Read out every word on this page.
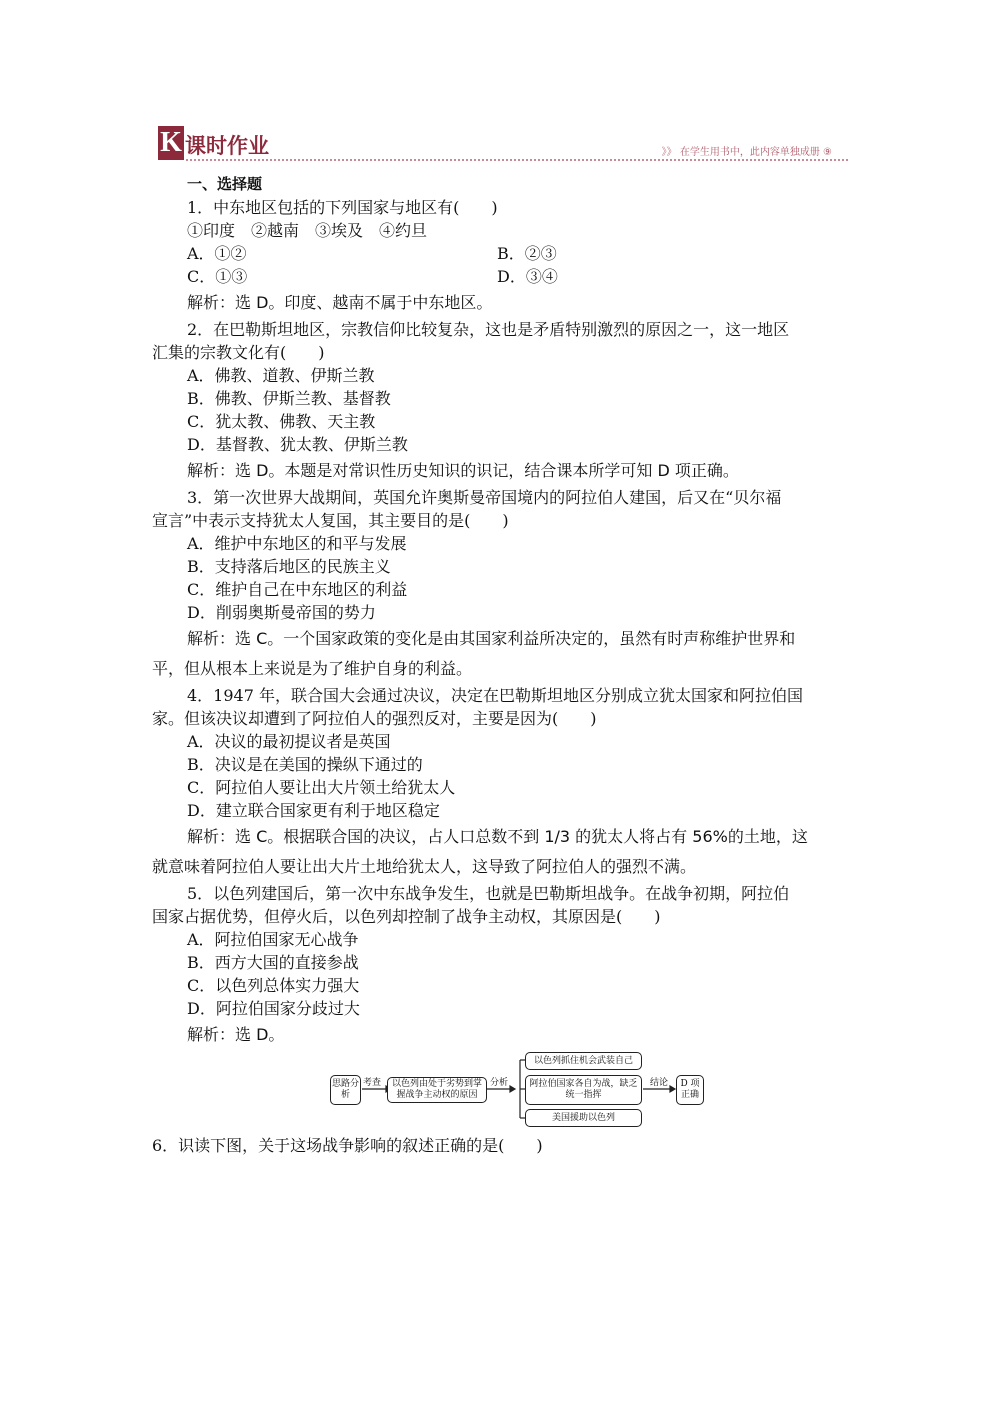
K 课时作业	》》 在学生用书中，此内容单独成册 ⑨
一、选择题
1．中东地区包括的下列国家与地区有(　　)
①印度　②越南　③埃及　④约旦
A．①②	B．②③
C．①③	D．③④
解析：选 D。印度、越南不属于中东地区。
2．在巴勒斯坦地区，宗教信仰比较复杂，这也是矛盾特别激烈的原因之一，这一地区
汇集的宗教文化有(　　)
A．佛教、道教、伊斯兰教
B．佛教、伊斯兰教、基督教
C．犹太教、佛教、天主教
D．基督教、犹太教、伊斯兰教
解析：选 D。本题是对常识性历史知识的识记，结合课本所学可知 D 项正确。
3．第一次世界大战期间，英国允许奥斯曼帝国境内的阿拉伯人建国，后又在“贝尔福
宣言”中表示支持犹太人复国，其主要目的是(　　)
A．维护中东地区的和平与发展
B．支持落后地区的民族主义
C．维护自己在中东地区的利益
D．削弱奥斯曼帝国的势力
解析：选 C。一个国家政策的变化是由其国家利益所决定的，虽然有时声称维护世界和
平，但从根本上来说是为了维护自身的利益。
4．1947 年，联合国大会通过决议，决定在巴勒斯坦地区分别成立犹太国家和阿拉伯国
家。但该决议却遭到了阿拉伯人的强烈反对，主要是因为(　　)
A．决议的最初提议者是英国
B．决议是在美国的操纵下通过的
C．阿拉伯人要让出大片领土给犹太人
D．建立联合国家更有利于地区稳定
解析：选 C。根据联合国的决议，占人口总数不到 1/3 的犹太人将占有 56%的土地，这
就意味着阿拉伯人要让出大片土地给犹太人，这导致了阿拉伯人的强烈不满。
5．以色列建国后，第一次中东战争发生，也就是巴勒斯坦战争。在战争初期，阿拉伯
国家占据优势，但停火后，以色列却控制了战争主动权，其原因是(　　)
A．阿拉伯国家无心战争
B．西方大国的直接参战
C．以色列总体实力强大
D．阿拉伯国家分歧过大
解析：选 D。
思路分析
考查	以色列由处于劣势到掌握战争主动权的原因
分析
以色列抓住机会武装自己
阿拉伯国家各自为战，缺乏统一指挥
美国援助以色列
结论	D 项正确
6．识读下图，关于这场战争影响的叙述正确的是(　　)
